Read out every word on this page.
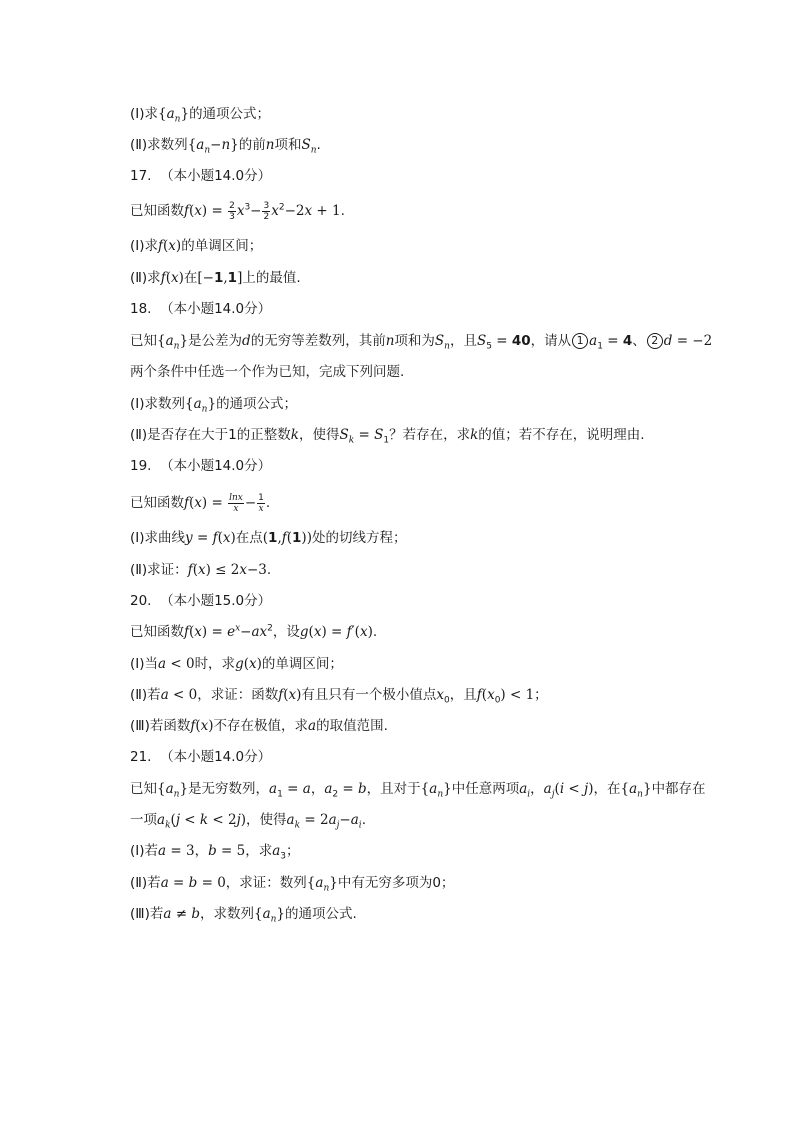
(Ⅰ)求$\{a_n\}$的通项公式；
(Ⅱ)求数列$\{a_n-n\}$的前n项和$S_n$.
17. （本小题14.0分）
已知函数$f(x) = \frac{2}{3} x^3- \frac{3}{2} x^2-2x + 1$.
(Ⅰ)求f(x)的单调区间；
(Ⅱ)求f(x)在[−1,1]上的最值.
18. （本小题14.0分）
已知$\{a_n\}$是公差为d的无穷等差数列，其前n项和为$S_n$，且$S_5 = 40$，请从 1 $a_1 = 4$、 2 d = −2
两个条件中任选一个作为已知，完成下列问题.
(Ⅰ)求数列$\{a_n\}$的通项公式；
(Ⅱ)是否存在大于1的正整数k，使得$S_k = S_1$？若存在，求k的值；若不存在，说明理由.
19. （本小题14.0分）
已知函数$f(x) = \frac{\ln x}{x} - \frac{1}{x}$ .
(Ⅰ)求曲线y = f(x)在点(1,f(1))处的切线方程；
(Ⅱ)求证：f(x) ≤ 2x−3.
20. （本小题15.0分）
已知函数$f(x) = e^x-ax^2$，设g(x) = f′(x).
(Ⅰ)当a < 0时，求g(x)的单调区间；
(Ⅱ)若a < 0，求证：函数f(x)有且只有一个极小值点$x_0$，且$f(x_0) < 1$；
(Ⅲ)若函数f(x)不存在极值，求a的取值范围.
21. （本小题14.0分）
已知$\{a_n\}$是无穷数列，$a_1 = a$，$a_2 = b$，且对于$\{a_n\}$中任意两项$a_i$，$a_j(i < j)$，在$\{a_n\}$中都存在
一项$a_k(j < k < 2j)$，使得$a_k = 2a_j-a_i$.
(Ⅰ)若a = 3，b = 5，求$a_3$；
(Ⅱ)若a = b = 0，求证：数列$\{a_n\}$中有无穷多项为0；
(Ⅲ)若a ≠ b，求数列$\{a_n\}$的通项公式.
